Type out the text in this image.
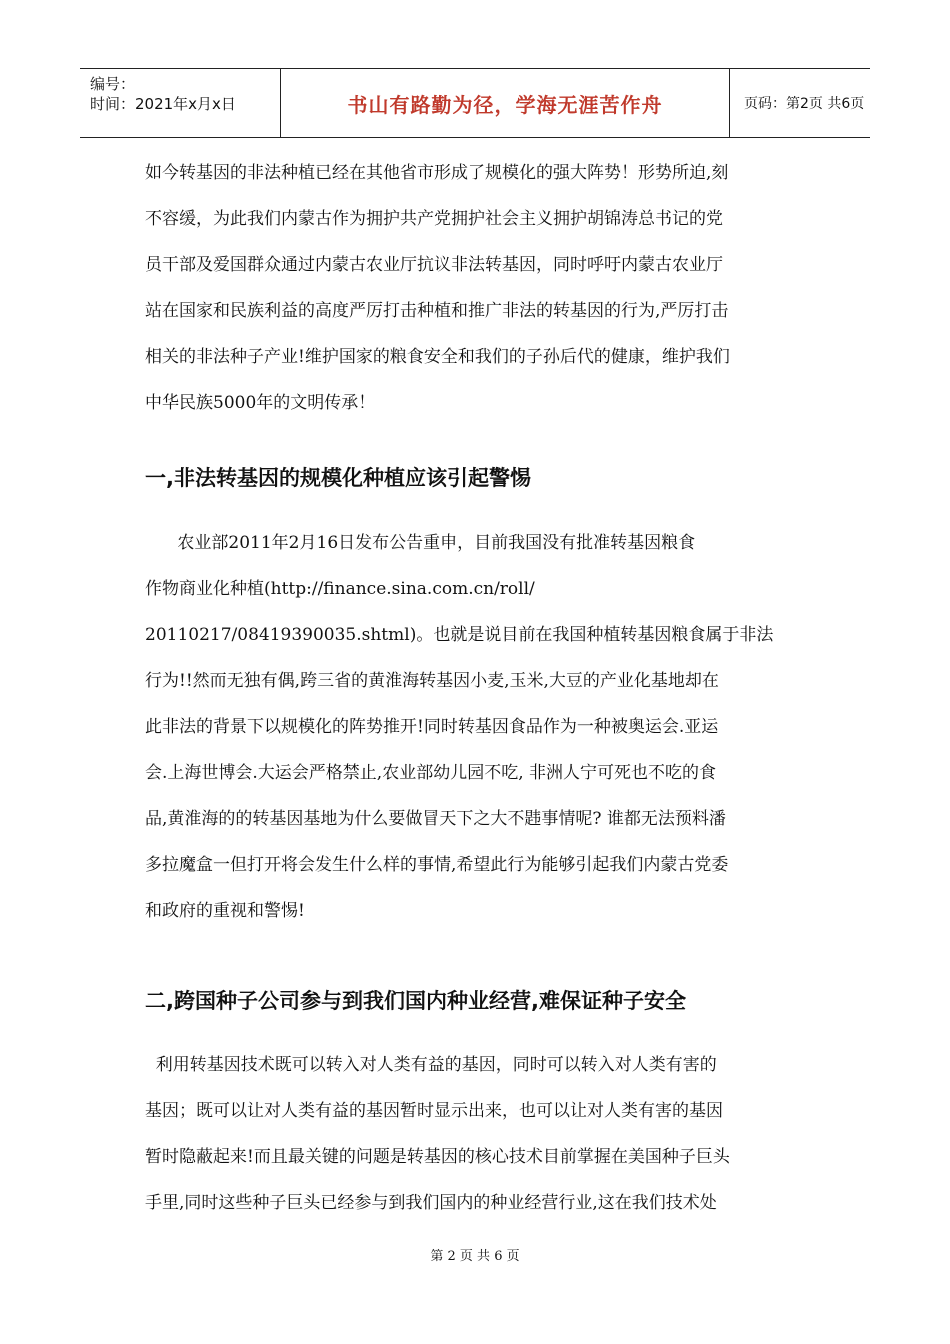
编号：
时间：2021年x月x日	书山有路勤为径，学海无涯苦作舟	页码：第2页 共6页
如今转基因的非法种植已经在其他省市形成了规模化的强大阵势！形势所迫,刻
不容缓，为此我们内蒙古作为拥护共产党拥护社会主义拥护胡锦涛总书记的党
员干部及爱国群众通过内蒙古农业厅抗议非法转基因，同时呼吁内蒙古农业厅
站在国家和民族利益的高度严厉打击种植和推广非法的转基因的行为,严厉打击
相关的非法种子产业!维护国家的粮食安全和我们的子孙后代的健康，维护我们
中华民族5000年的文明传承！
一,非法转基因的规模化种植应该引起警惕
农业部2011年2月16日发布公告重申，目前我国没有批准转基因粮食
作物商业化种植(http://finance.sina.com.cn/roll/
20110217/08419390035.shtml)。也就是说目前在我国种植转基因粮食属于非法
行为!!然而无独有偶,跨三省的黄淮海转基因小麦,玉米,大豆的产业化基地却在
此非法的背景下以规模化的阵势推开!同时转基因食品作为一种被奥运会.亚运
会.上海世博会.大运会严格禁止,农业部幼儿园不吃, 非洲人宁可死也不吃的食
品,黄淮海的的转基因基地为什么要做冒天下之大不韪事情呢? 谁都无法预料潘
多拉魔盒一但打开将会发生什么样的事情,希望此行为能够引起我们内蒙古党委
和政府的重视和警惕!
二,跨国种子公司参与到我们国内种业经营,难保证种子安全
利用转基因技术既可以转入对人类有益的基因，同时可以转入对人类有害的
基因；既可以让对人类有益的基因暂时显示出来，也可以让对人类有害的基因
暂时隐蔽起来!而且最关键的问题是转基因的核心技术目前掌握在美国种子巨头
手里,同时这些种子巨头已经参与到我们国内的种业经营行业,这在我们技术处
第 2 页 共 6 页
